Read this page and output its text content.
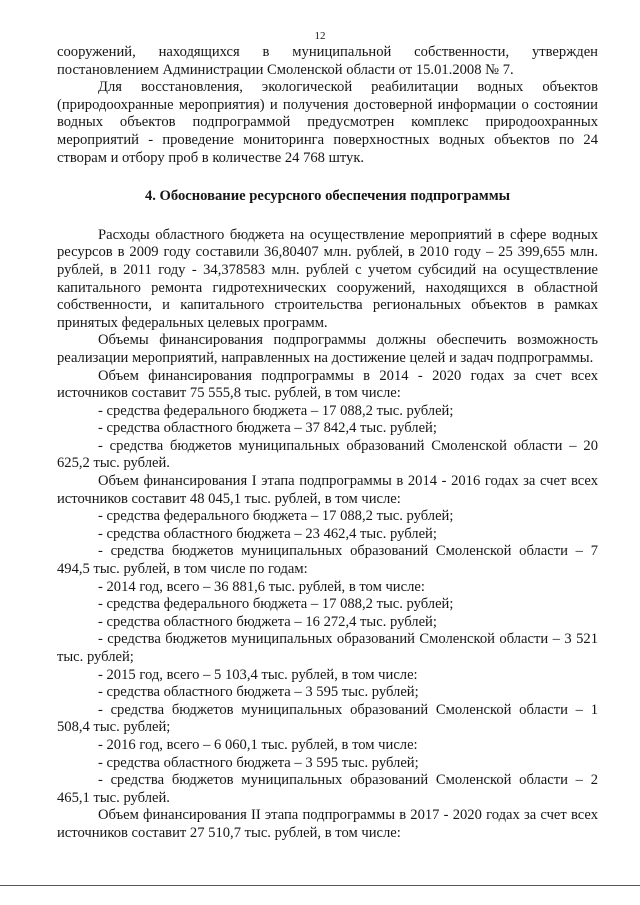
12

сооружений, находящихся в муниципальной собственности, утвержден постановлением Администрации Смоленской области от 15.01.2008 № 7.

Для восстановления, экологической реабилитации водных объектов (природоохранные мероприятия) и получения достоверной информации о состоянии водных объектов подпрограммой предусмотрен комплекс природоохранных мероприятий - проведение мониторинга поверхностных водных объектов по 24 створам и отбору проб в количестве 24 768 штук.

4. Обоснование ресурсного обеспечения подпрограммы

Расходы областного бюджета на осуществление мероприятий в сфере водных ресурсов в 2009 году составили 36,80407 млн. рублей, в 2010 году – 25 399,655 млн. рублей, в 2011 году - 34,378583 млн. рублей с учетом субсидий на осуществление капитального ремонта гидротехнических сооружений, находящихся в областной собственности, и капитального строительства региональных объектов в рамках принятых федеральных целевых программ.

Объемы финансирования подпрограммы должны обеспечить возможность реализации мероприятий, направленных на достижение целей и задач подпрограммы.

Объем финансирования подпрограммы в 2014 - 2020 годах за счет всех источников составит 75 555,8 тыс. рублей, в том числе:

- средства федерального бюджета – 17 088,2 тыс. рублей;

- средства областного бюджета – 37 842,4 тыс. рублей;

- средства бюджетов муниципальных образований Смоленской области – 20 625,2 тыс. рублей.

Объем финансирования I этапа подпрограммы в 2014 - 2016 годах за счет всех источников составит 48 045,1 тыс. рублей, в том числе:

- средства федерального бюджета – 17 088,2 тыс. рублей;

- средства областного бюджета – 23 462,4 тыс. рублей;

- средства бюджетов муниципальных образований Смоленской области – 7 494,5 тыс. рублей, в том числе по годам:

- 2014 год, всего – 36 881,6 тыс. рублей, в том числе:

- средства федерального бюджета – 17 088,2 тыс. рублей;

- средства областного бюджета – 16 272,4 тыс. рублей;

- средства бюджетов муниципальных образований Смоленской области – 3 521 тыс. рублей;

- 2015 год, всего – 5 103,4 тыс. рублей, в том числе:

- средства областного бюджета – 3 595 тыс. рублей;

- средства бюджетов муниципальных образований Смоленской области – 1 508,4 тыс. рублей;

- 2016 год, всего – 6 060,1 тыс. рублей, в том числе:

- средства областного бюджета – 3 595 тыс. рублей;

- средства бюджетов муниципальных образований Смоленской области – 2 465,1 тыс. рублей.

Объем финансирования II этапа подпрограммы в 2017 - 2020 годах за счет всех источников составит 27 510,7 тыс. рублей, в том числе:
